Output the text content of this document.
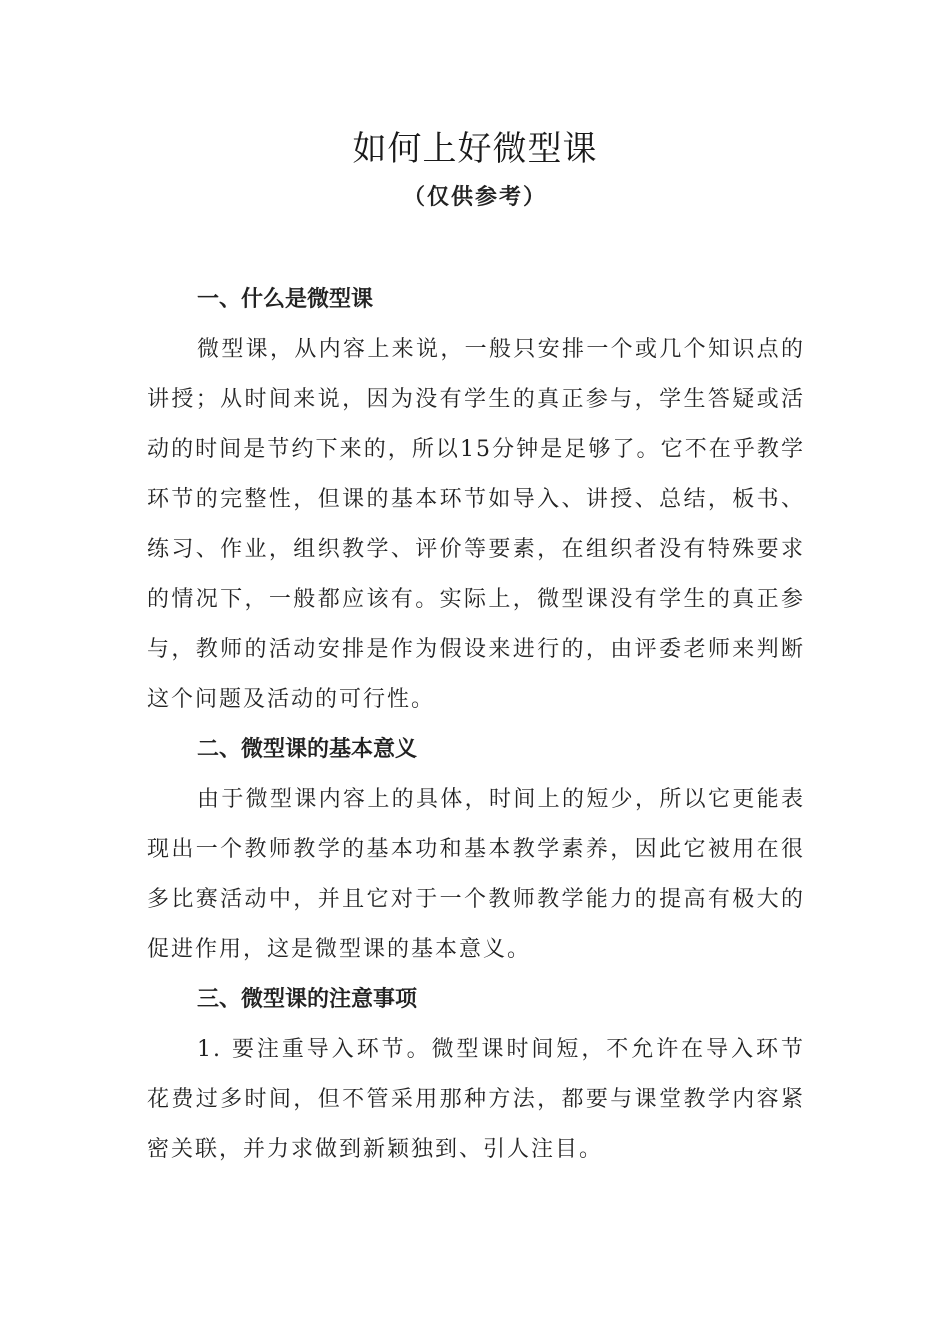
如何上好微型课
（仅供参考）
一、什么是微型课

微型课，从内容上来说，一般只安排一个或几个知识点的讲授；从时间来说，因为没有学生的真正参与，学生答疑或活动的时间是节约下来的，所以15分钟是足够了。它不在乎教学环节的完整性，但课的基本环节如导入、讲授、总结，板书、练习、作业，组织教学、评价等要素，在组织者没有特殊要求的情况下，一般都应该有。实际上，微型课没有学生的真正参与，教师的活动安排是作为假设来进行的，由评委老师来判断这个问题及活动的可行性。

二、微型课的基本意义

由于微型课内容上的具体，时间上的短少，所以它更能表现出一个教师教学的基本功和基本教学素养，因此它被用在很多比赛活动中，并且它对于一个教师教学能力的提高有极大的促进作用，这是微型课的基本意义。

三、微型课的注意事项

1. 要注重导入环节。微型课时间短，不允许在导入环节花费过多时间，但不管采用那种方法，都要与课堂教学内容紧密关联，并力求做到新颖独到、引人注目。
